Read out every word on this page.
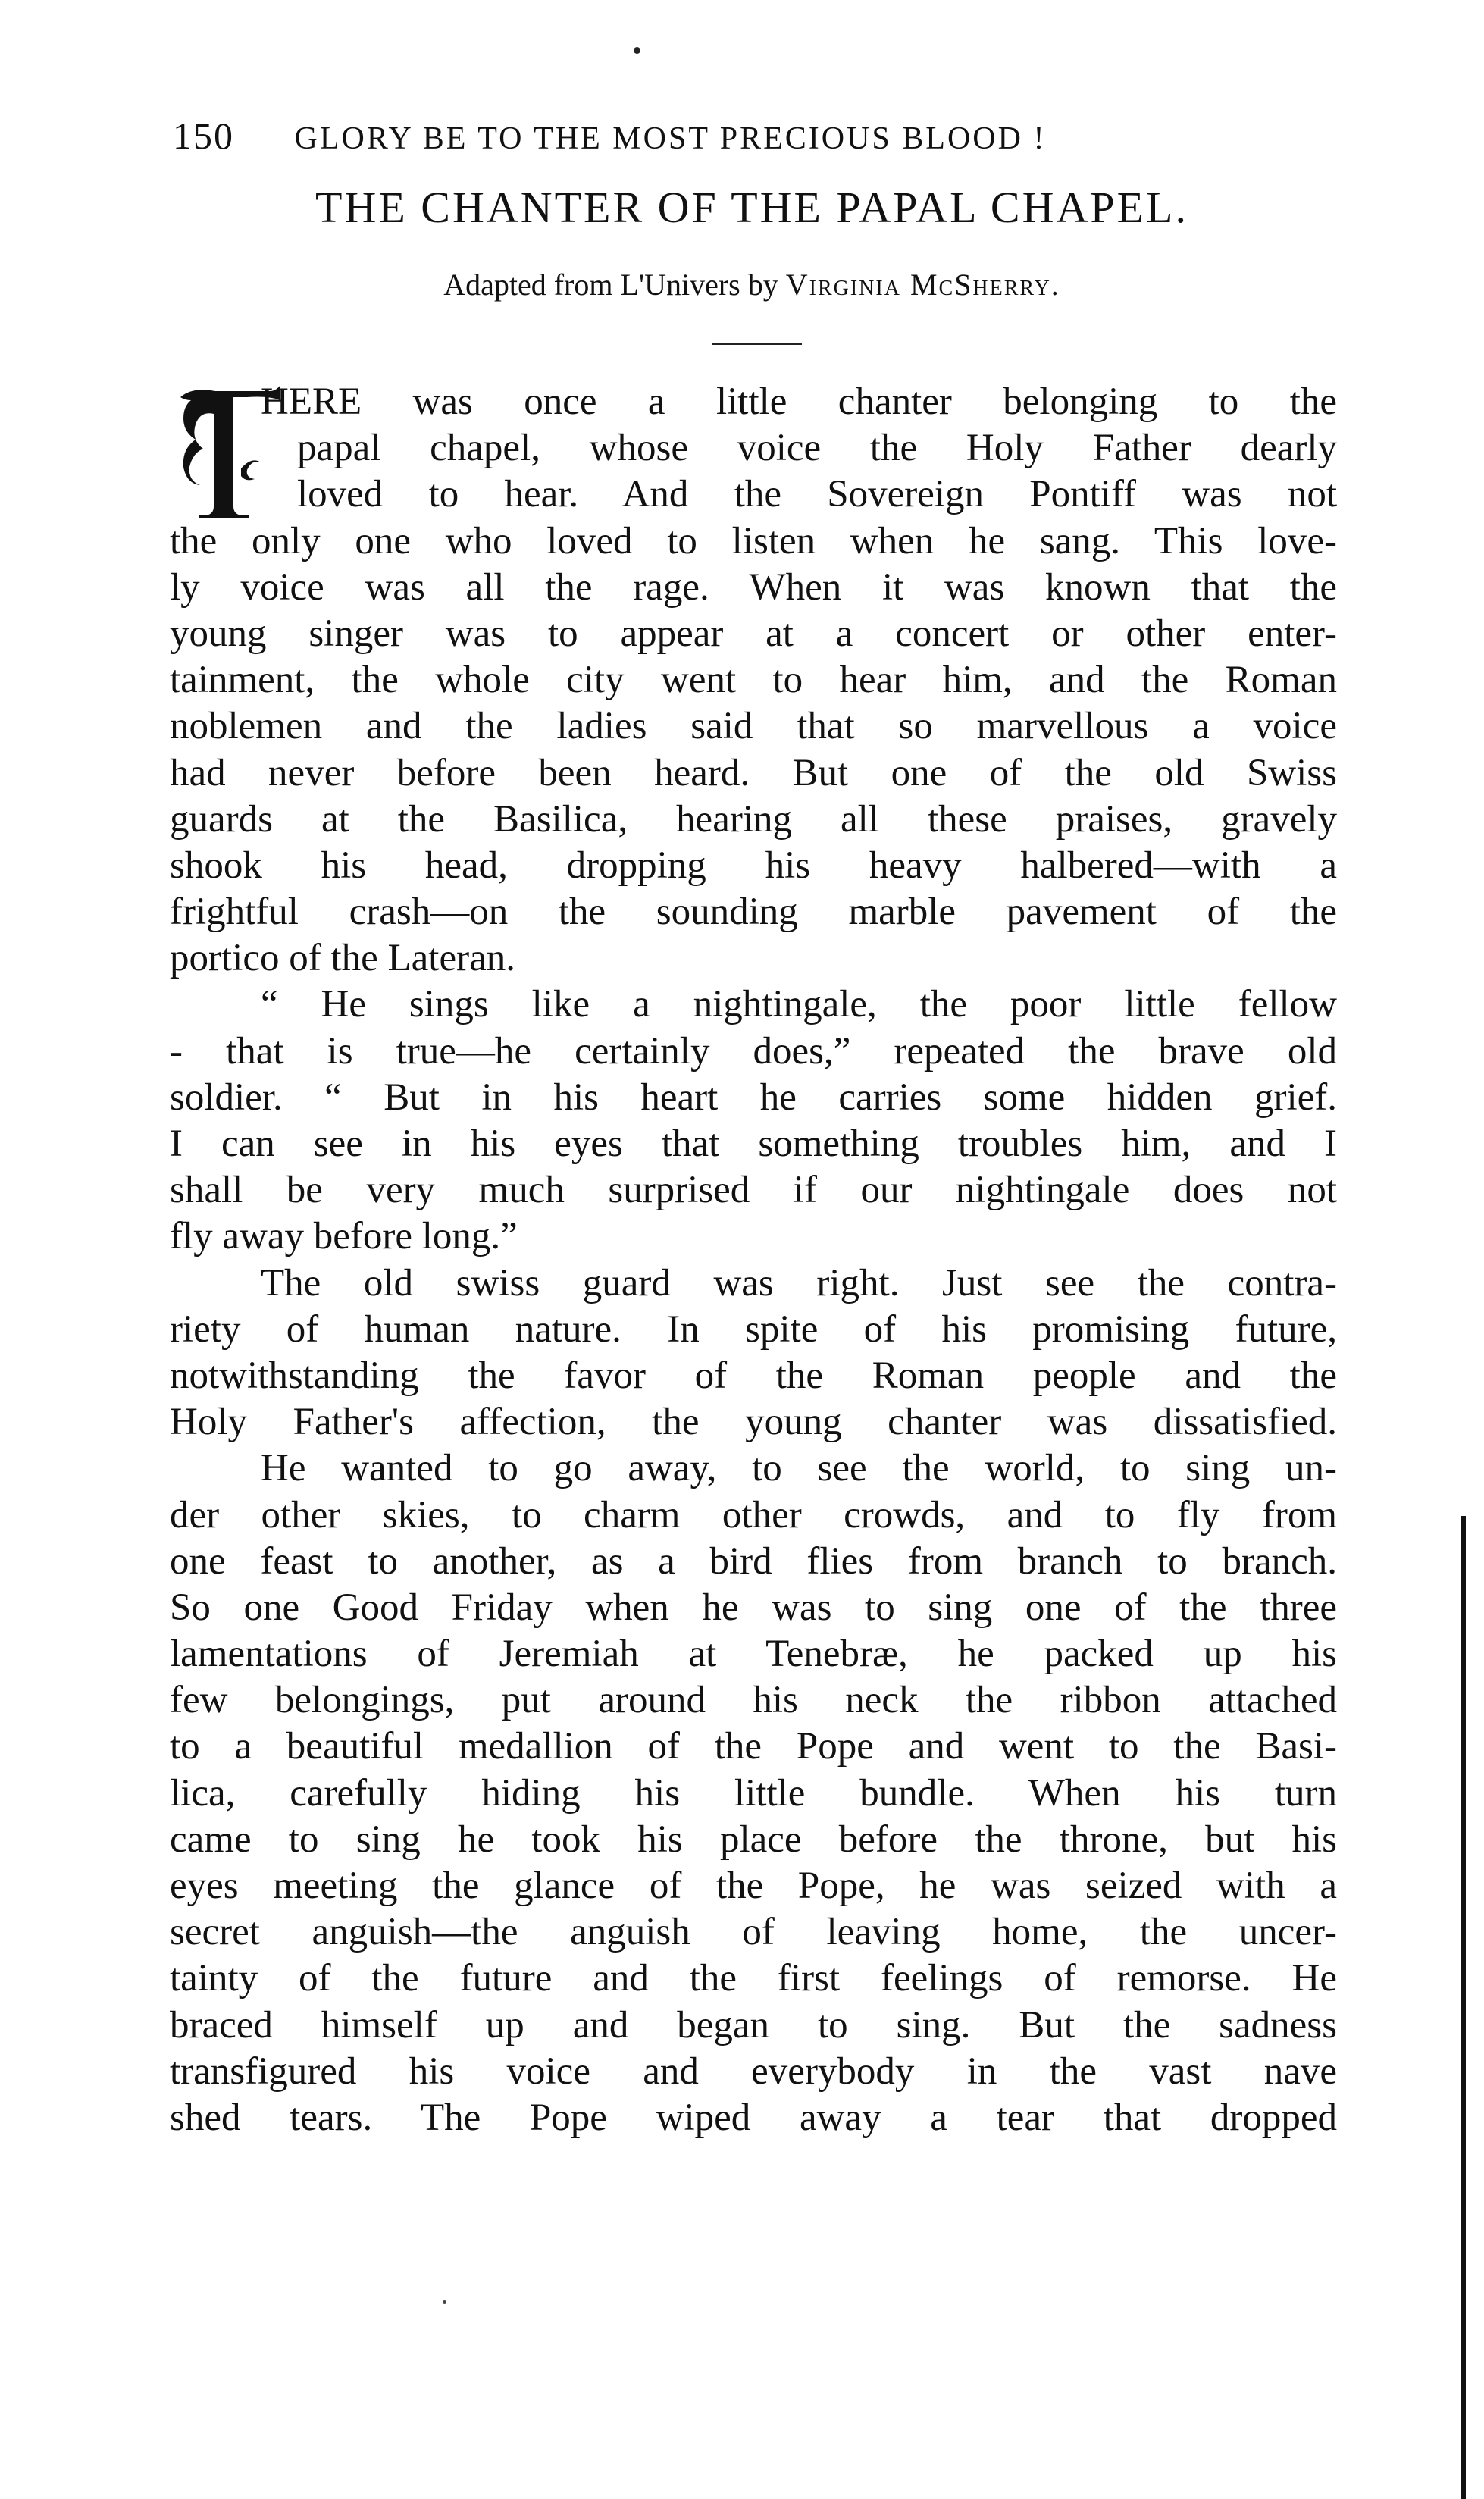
150 GLORY BE TO THE MOST PRECIOUS BLOOD !
THE CHANTER OF THE PAPAL CHAPEL.
Adapted from L'Univers by Virginia McSherry.
T	HERE was once a little chanter belonging to the
papal chapel, whose voice the Holy Father dearly
loved to hear. And the Sovereign Pontiff was not
the only one who loved to listen when he sang. This love-
ly voice was all the rage. When it was known that the
young singer was to appear at a concert or other enter-
tainment, the whole city went to hear him, and the Roman
noblemen and the ladies said that so marvellous a voice
had never before been heard. But one of the old Swiss
guards at the Basilica, hearing all these praises, gravely
shook his head, dropping his heavy halbered—with a
frightful crash—on the sounding marble pavement of the
portico of the Lateran.
“ He sings like a nightingale, the poor little fellow
- that is true—he certainly does,” repeated the brave old
soldier. “ But in his heart he carries some hidden grief.
I can see in his eyes that something troubles him, and I
shall be very much surprised if our nightingale does not
fly away before long.”
The old swiss guard was right. Just see the contra-
riety of human nature. In spite of his promising future,
notwithstanding the favor of the Roman people and the
Holy Father's affection, the young chanter was dissatisfied.
He wanted to go away, to see the world, to sing un-
der other skies, to charm other crowds, and to fly from
one feast to another, as a bird flies from branch to branch.
So one Good Friday when he was to sing one of the three
lamentations of Jeremiah at Tenebræ, he packed up his
few belongings, put around his neck the ribbon attached
to a beautiful medallion of the Pope and went to the Basi-
lica, carefully hiding his little bundle. When his turn
came to sing he took his place before the throne, but his
eyes meeting the glance of the Pope, he was seized with a
secret anguish—the anguish of leaving home, the uncer-
tainty of the future and the first feelings of remorse. He
braced himself up and began to sing. But the sadness
transfigured his voice and everybody in the vast nave
shed tears. The Pope wiped away a tear that dropped
